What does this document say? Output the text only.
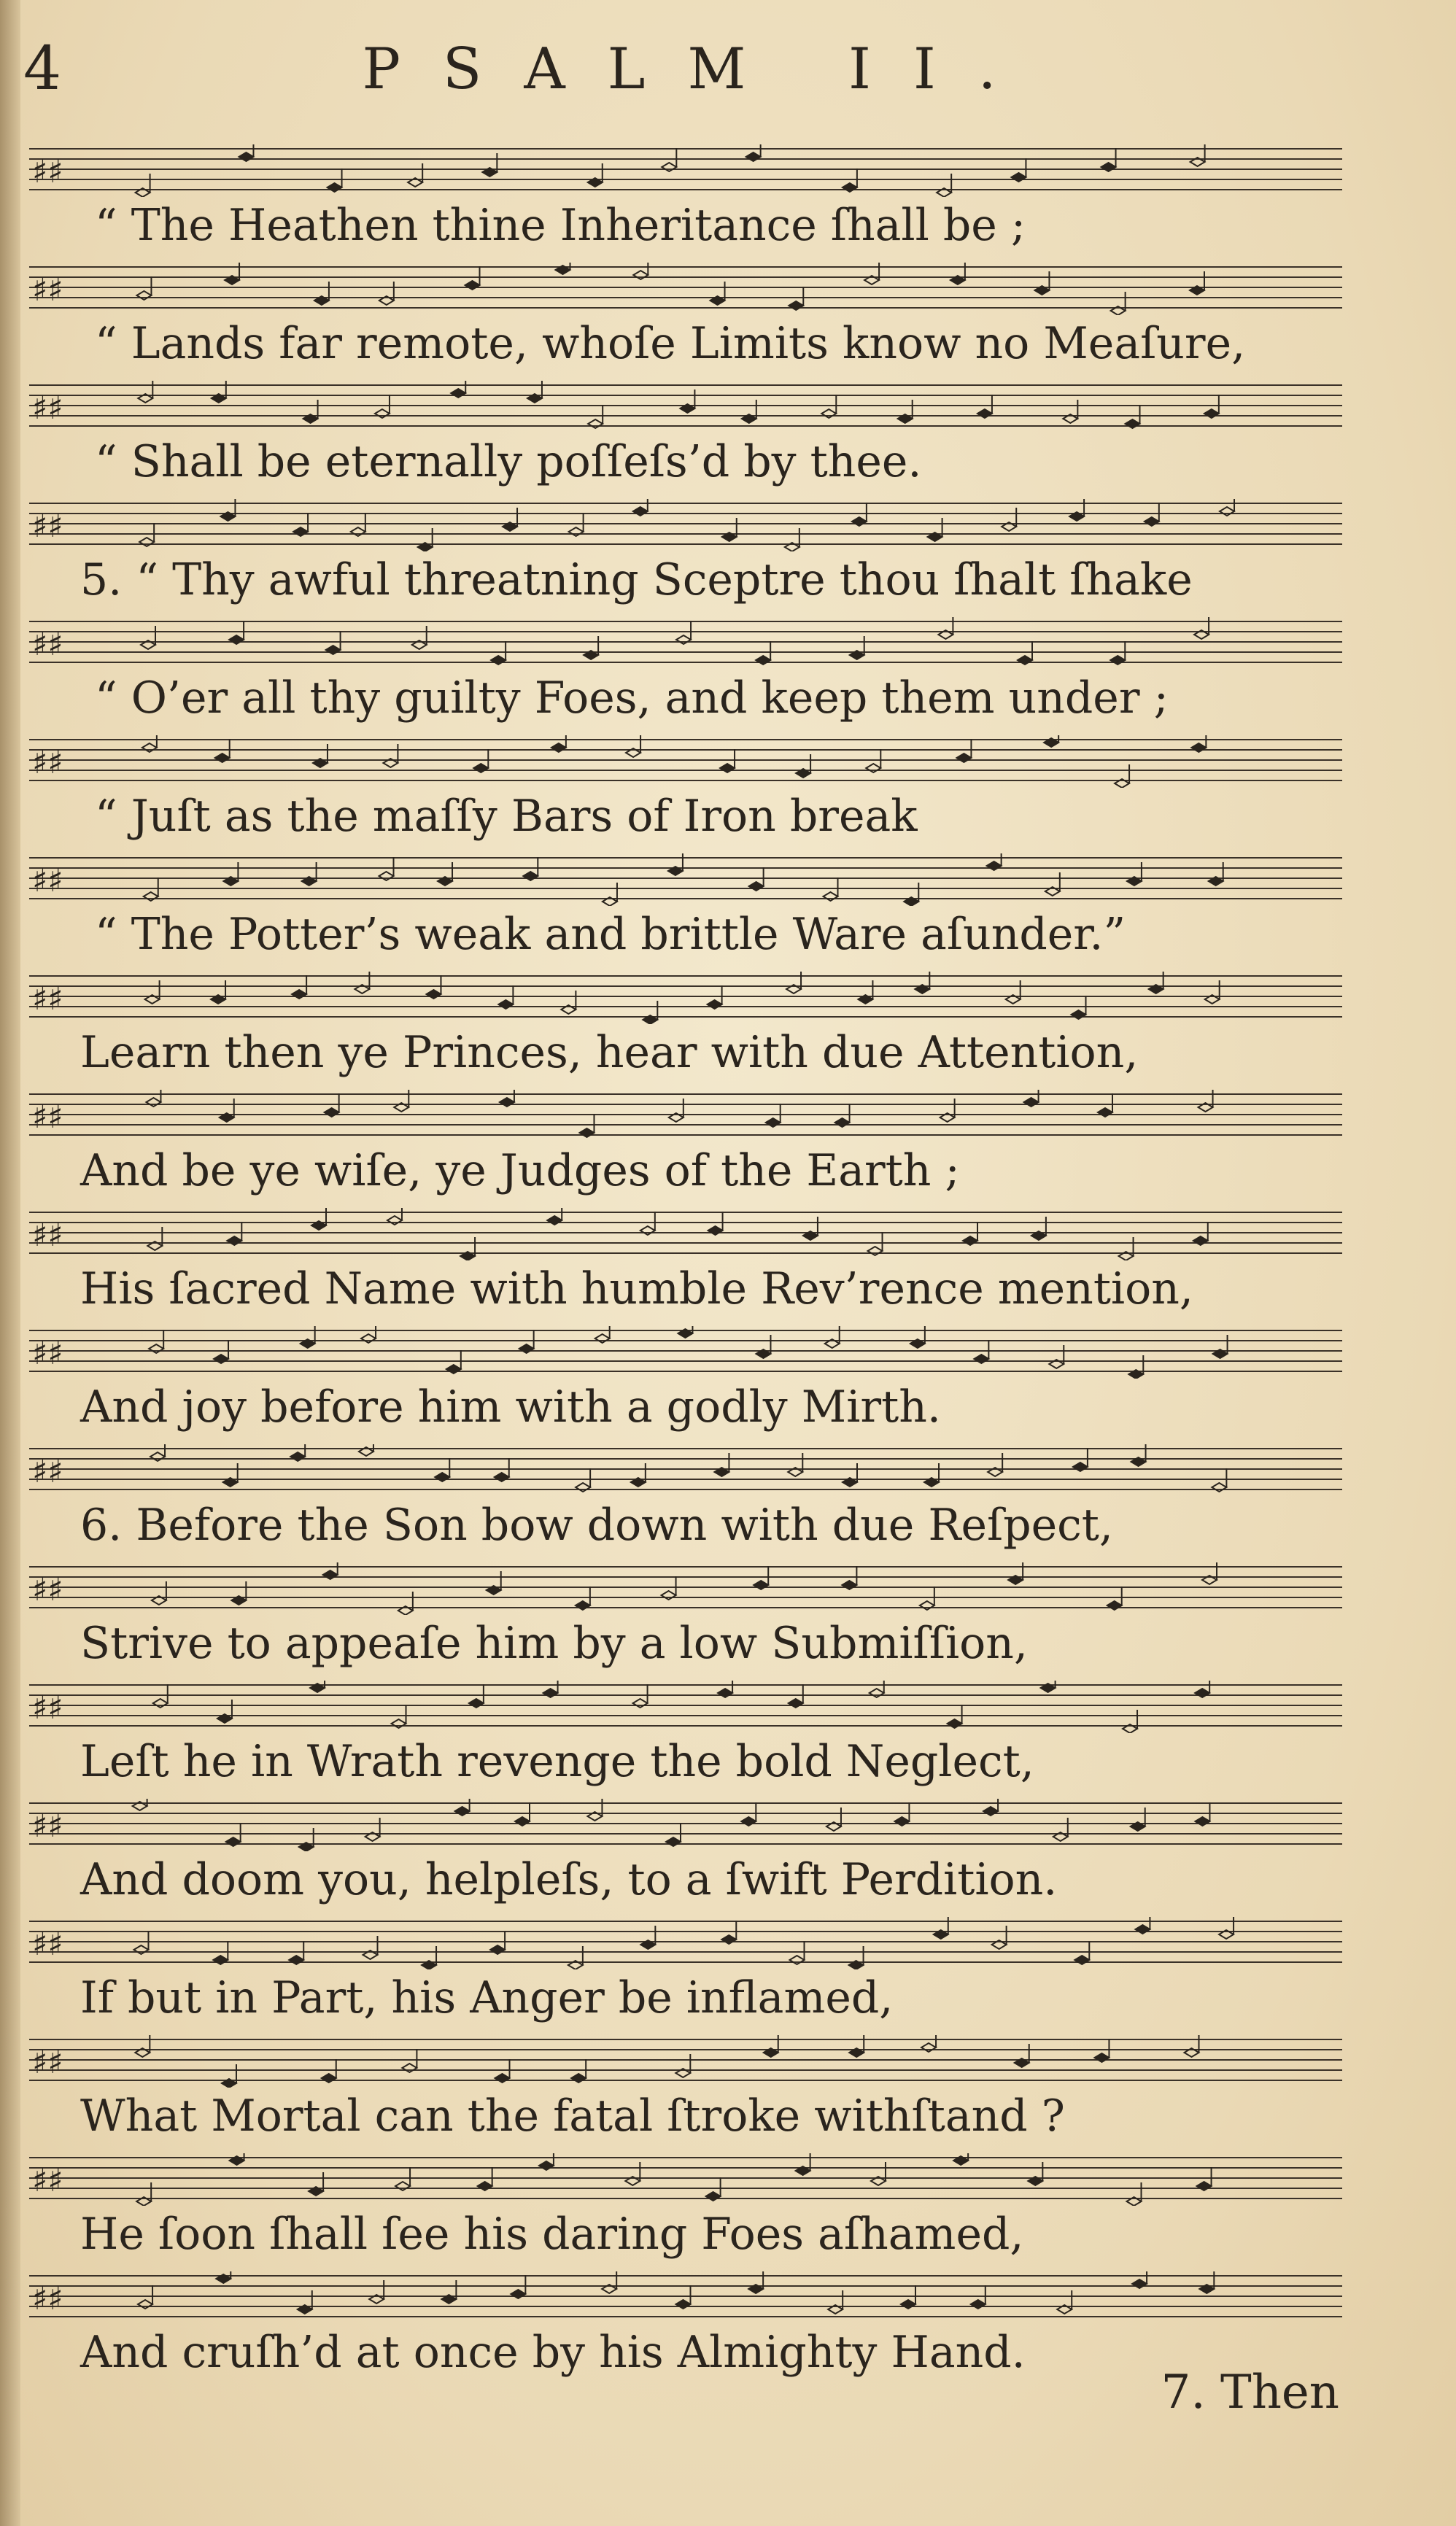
4	PSALM II.
♯♯
“ The Heathen thine Inheritance ſhall be ;
♯♯
“ Lands far remote, whoſe Limits know no Meaſure,
♯♯
“ Shall be eternally poſſeſs’d by thee.
♯♯
5. “ Thy awful threatning Sceptre thou ſhalt ſhake
♯♯
“ O’er all thy guilty Foes, and keep them under ;
♯♯
“ Juſt as the maſſy Bars of Iron break
♯♯
“ The Potter’s weak and brittle Ware aſunder.”
♯♯
Learn then ye Princes, hear with due Attention,
♯♯
And be ye wiſe, ye Judges of the Earth ;
♯♯
His ſacred Name with humble Rev’rence mention,
♯♯
And joy before him with a godly Mirth.
♯♯
6. Before the Son bow down with due Reſpect,
♯♯
Strive to appeaſe him by a low Submiſſion,
♯♯
Leſt he in Wrath revenge the bold Neglect,
♯♯
And doom you, helpleſs, to a ſwift Perdition.
♯♯
If but in Part, his Anger be inflamed,
♯♯
What Mortal can the fatal ſtroke withſtand ?
♯♯
He ſoon ſhall ſee his daring Foes aſhamed,
♯♯
And cruſh’d at once by his Almighty Hand.
7. Then
